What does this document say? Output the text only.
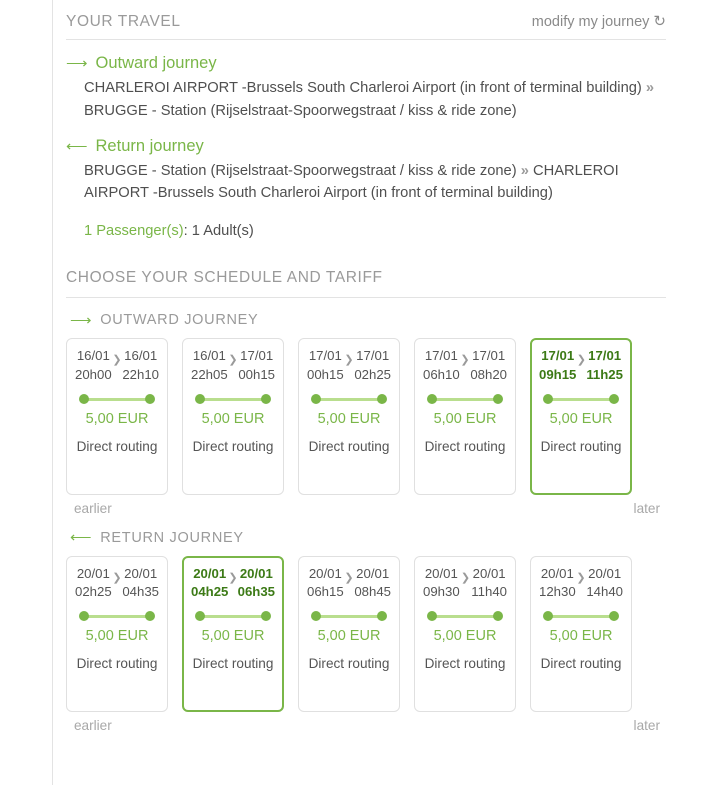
YOUR TRAVEL	modify my journey ↻
⟶ Outward journey
CHARLEROI AIRPORT -Brussels South Charleroi Airport (in front of terminal building) » BRUGGE - Station (Rijselstraat-Spoorwegstraat / kiss & ride zone)
⟵ Return journey
BRUGGE - Station (Rijselstraat-Spoorwegstraat / kiss & ride zone) » CHARLEROI AIRPORT -Brussels South Charleroi Airport (in front of terminal building)
1 Passenger(s): 1 Adult(s)
CHOOSE YOUR SCHEDULE AND TARIFF
⟶ OUTWARD JOURNEY
16/01
20h00
❯ 16/01
22h10
5,00 EUR
Direct routing
16/01
22h05
❯ 17/01
00h15
5,00 EUR
Direct routing
17/01
00h15
❯ 17/01
02h25
5,00 EUR
Direct routing
17/01
06h10
❯ 17/01
08h20
5,00 EUR
Direct routing
17/01
09h15
❯ 17/01
11h25
5,00 EUR
Direct routing
earlier	later
⟵ RETURN JOURNEY
20/01
02h25
❯ 20/01
04h35
5,00 EUR
Direct routing
20/01
04h25
❯ 20/01
06h35
5,00 EUR
Direct routing
20/01
06h15
❯ 20/01
08h45
5,00 EUR
Direct routing
20/01
09h30
❯ 20/01
11h40
5,00 EUR
Direct routing
20/01
12h30
❯ 20/01
14h40
5,00 EUR
Direct routing
earlier	later
